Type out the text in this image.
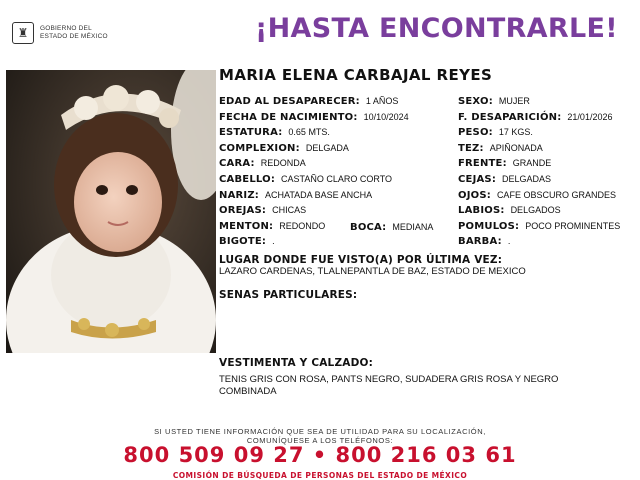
♜	GOBIERNO DEL
ESTADO DE MÉXICO	¡HASTA ENCONTRARLE!
MARIA ELENA CARBAJAL REYES
EDAD AL DESAPARECER: 1 AÑOS
FECHA DE NACIMIENTO: 10/10/2024
ESTATURA: 0.65 MTS.
COMPLEXION: DELGADA
CARA: REDONDA
CABELLO: CASTAÑO CLARO CORTO
NARIZ: ACHATADA BASE ANCHA
OREJAS: CHICAS
MENTON: REDONDO
BIGOTE: .
SEXO: MUJER
F. DESAPARICIÓN: 21/01/2026
PESO: 17 KGS.
TEZ: APIÑONADA
FRENTE: GRANDE
CEJAS: DELGADAS
OJOS: CAFE OBSCURO GRANDES
LABIOS: DELGADOS
POMULOS: POCO PROMINENTES
BARBA: .
BOCA: MEDIANA
LUGAR DONDE FUE VISTO(A) POR ÚLTIMA VEZ:
LAZARO CARDENAS, TLALNEPANTLA DE BAZ, ESTADO DE MEXICO
SENAS PARTICULARES:
VESTIMENTA Y CALZADO:
TENIS GRIS CON ROSA, PANTS NEGRO, SUDADERA GRIS ROSA Y NEGRO
COMBINADA
SI USTED TIENE INFORMACIÓN QUE SEA DE UTILIDAD PARA SU LOCALIZACIÓN,
COMUNÍQUESE A LOS TELÉFONOS:
800 509 09 27 • 800 216 03 61
COMISIÓN DE BÚSQUEDA DE PERSONAS DEL ESTADO DE MÉXICO
